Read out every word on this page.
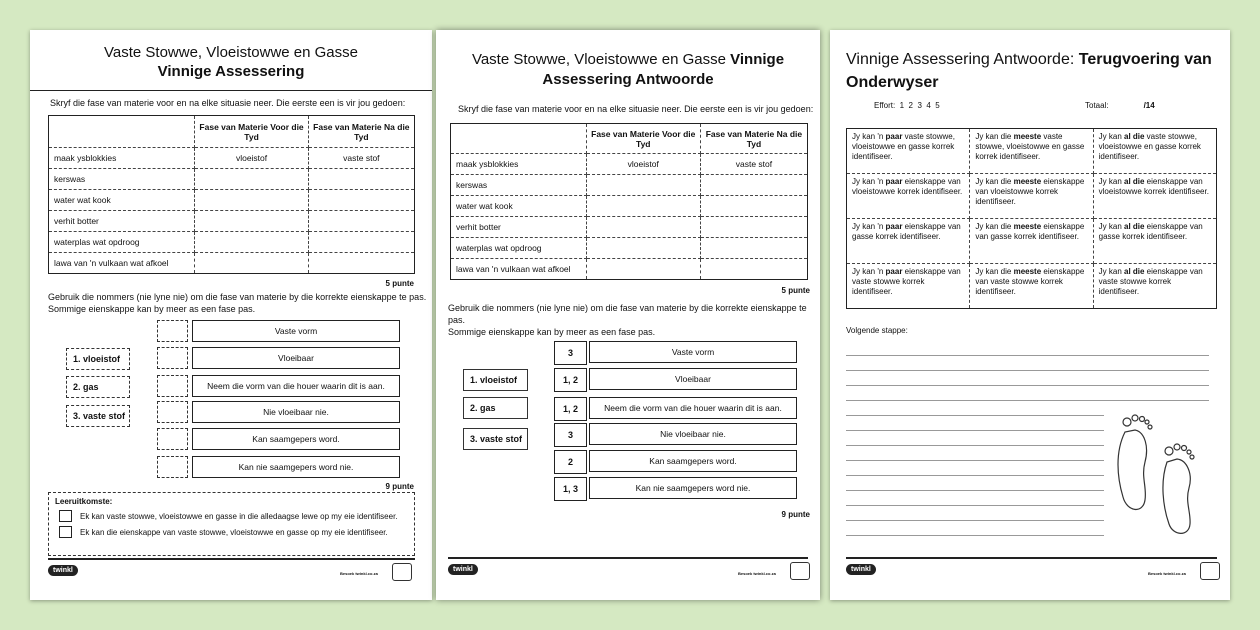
Vaste Stowwe, Vloeistowwe en Gasse
Vinnige Assessering
Skryf die fase van materie voor en na elke situasie neer. Die eerste een is vir jou gedoen:
	Fase van Materie Voor die Tyd	Fase van Materie Na die Tyd
maak ysblokkies	vloeistof	vaste stof
kerswas		
water wat kook		
verhit botter		
waterplas wat opdroog		
lawa van 'n vulkaan wat afkoel		
5 punte
Gebruik die nommers (nie lyne nie) om die fase van materie by die korrekte eienskappe te pas.
Sommige eienskappe kan by meer as een fase pas.
1. vloeistof
2. gas
3. vaste stof
Vaste vorm
Vloeibaar
Neem die vorm van die houer waarin dit is aan.
Nie vloeibaar nie.
Kan saamgepers word.
Kan nie saamgepers word nie.
9 punte
Leeruitkomste:
Ek kan vaste stowwe, vloeistowwe en gasse in die alledaagse lewe op my eie identifiseer.
Ek kan die eienskappe van vaste stowwe, vloeistowwe en gasse op my eie identifiseer.
twinkl	Besoek twinkl.co.za
Vaste Stowwe, Vloeistowwe en Gasse Vinnige Assessering Antwoorde
Skryf die fase van materie voor en na elke situasie neer. Die eerste een is vir jou gedoen:
	Fase van Materie Voor die Tyd	Fase van Materie Na die Tyd
maak ysblokkies	vloeistof	vaste stof
kerswas		
water wat kook		
verhit botter		
waterplas wat opdroog		
lawa van 'n vulkaan wat afkoel		
5 punte
Gebruik die nommers (nie lyne nie) om die fase van materie by die korrekte eienskappe te pas.
Sommige eienskappe kan by meer as een fase pas.
1. vloeistof
2. gas
3. vaste stof
3	Vaste vorm
1, 2	Vloeibaar
1, 2	Neem die vorm van die houer waarin dit is aan.
3	Nie vloeibaar nie.
2	Kan saamgepers word.
1, 3	Kan nie saamgepers word nie.
9 punte
twinkl
Besoek twinkl.co.za
Vinnige Assessering Antwoorde: Terugvoering van Onderwyser
Effort: 1  2  3  4  5	Totaal:	/14
Jy kan 'n paar vaste stowwe, vloeistowwe en gasse korrek identifiseer.	Jy kan die meeste vaste stowwe, vloeistowwe en gasse korrek identifiseer.	Jy kan al die vaste stowwe, vloeistowwe en gasse korrek identifiseer.
Jy kan 'n paar eienskappe van vloeistowwe korrek identifiseer.	Jy kan die meeste eienskappe van vloeistowwe korrek identifiseer.	Jy kan al die eienskappe van vloeistowwe korrek identifiseer.
Jy kan 'n paar eienskappe van gasse korrek identifiseer.	Jy kan die meeste eienskappe van gasse korrek identifiseer.	Jy kan al die eienskappe van gasse korrek identifiseer.
Jy kan 'n paar eienskappe van vaste stowwe korrek identifiseer.	Jy kan die meeste eienskappe van vaste stowwe korrek identifiseer.	Jy kan al die eienskappe van vaste stowwe korrek identifiseer.
Volgende stappe:
twinkl
Besoek twinkl.co.za
